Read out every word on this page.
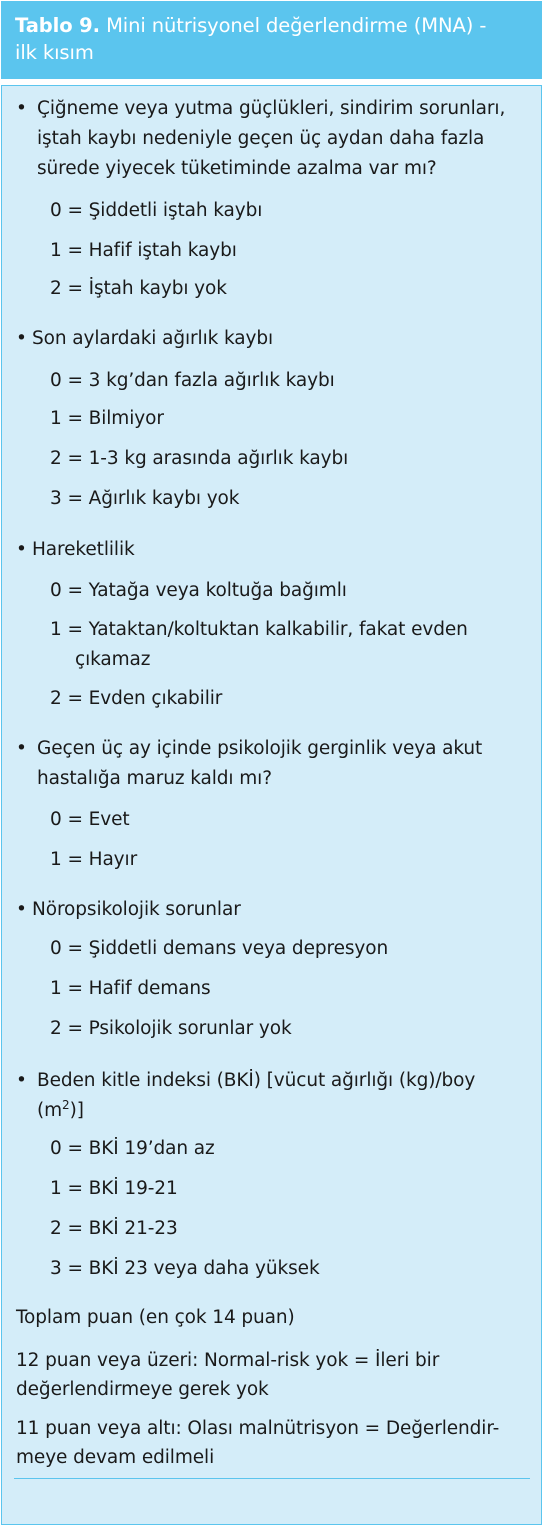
Tablo 9. Mini nütrisyonel değerlendirme (MNA) -
ilk kısım
• Çiğneme veya yutma güçlükleri, sindirim sorunları,
iştah kaybı nedeniyle geçen üç aydan daha fazla
sürede yiyecek tüketiminde azalma var mı?
0 = Şiddetli iştah kaybı
1 = Hafif iştah kaybı
2 = İştah kaybı yok
• Son aylardaki ağırlık kaybı
0 = 3 kg’dan fazla ağırlık kaybı
1 = Bilmiyor
2 = 1-3 kg arasında ağırlık kaybı
3 = Ağırlık kaybı yok
• Hareketlilik
0 = Yatağa veya koltuğa bağımlı
1 = Yataktan/koltuktan kalkabilir, fakat evden
çıkamaz
2 = Evden çıkabilir
• Geçen üç ay içinde psikolojik gerginlik veya akut
hastalığa maruz kaldı mı?
0 = Evet
1 = Hayır
• Nöropsikolojik sorunlar
0 = Şiddetli demans veya depresyon
1 = Hafif demans
2 = Psikolojik sorunlar yok
• Beden kitle indeksi (BKİ) [vücut ağırlığı (kg)/boy
$(m^2)$]
0 = BKİ 19’dan az
1 = BKİ 19-21
2 = BKİ 21-23
3 = BKİ 23 veya daha yüksek
Toplam puan (en çok 14 puan)
12 puan veya üzeri: Normal-risk yok = İleri bir
değerlendirmeye gerek yok
11 puan veya altı: Olası malnütrisyon = Değerlendir-
meye devam edilmeli
